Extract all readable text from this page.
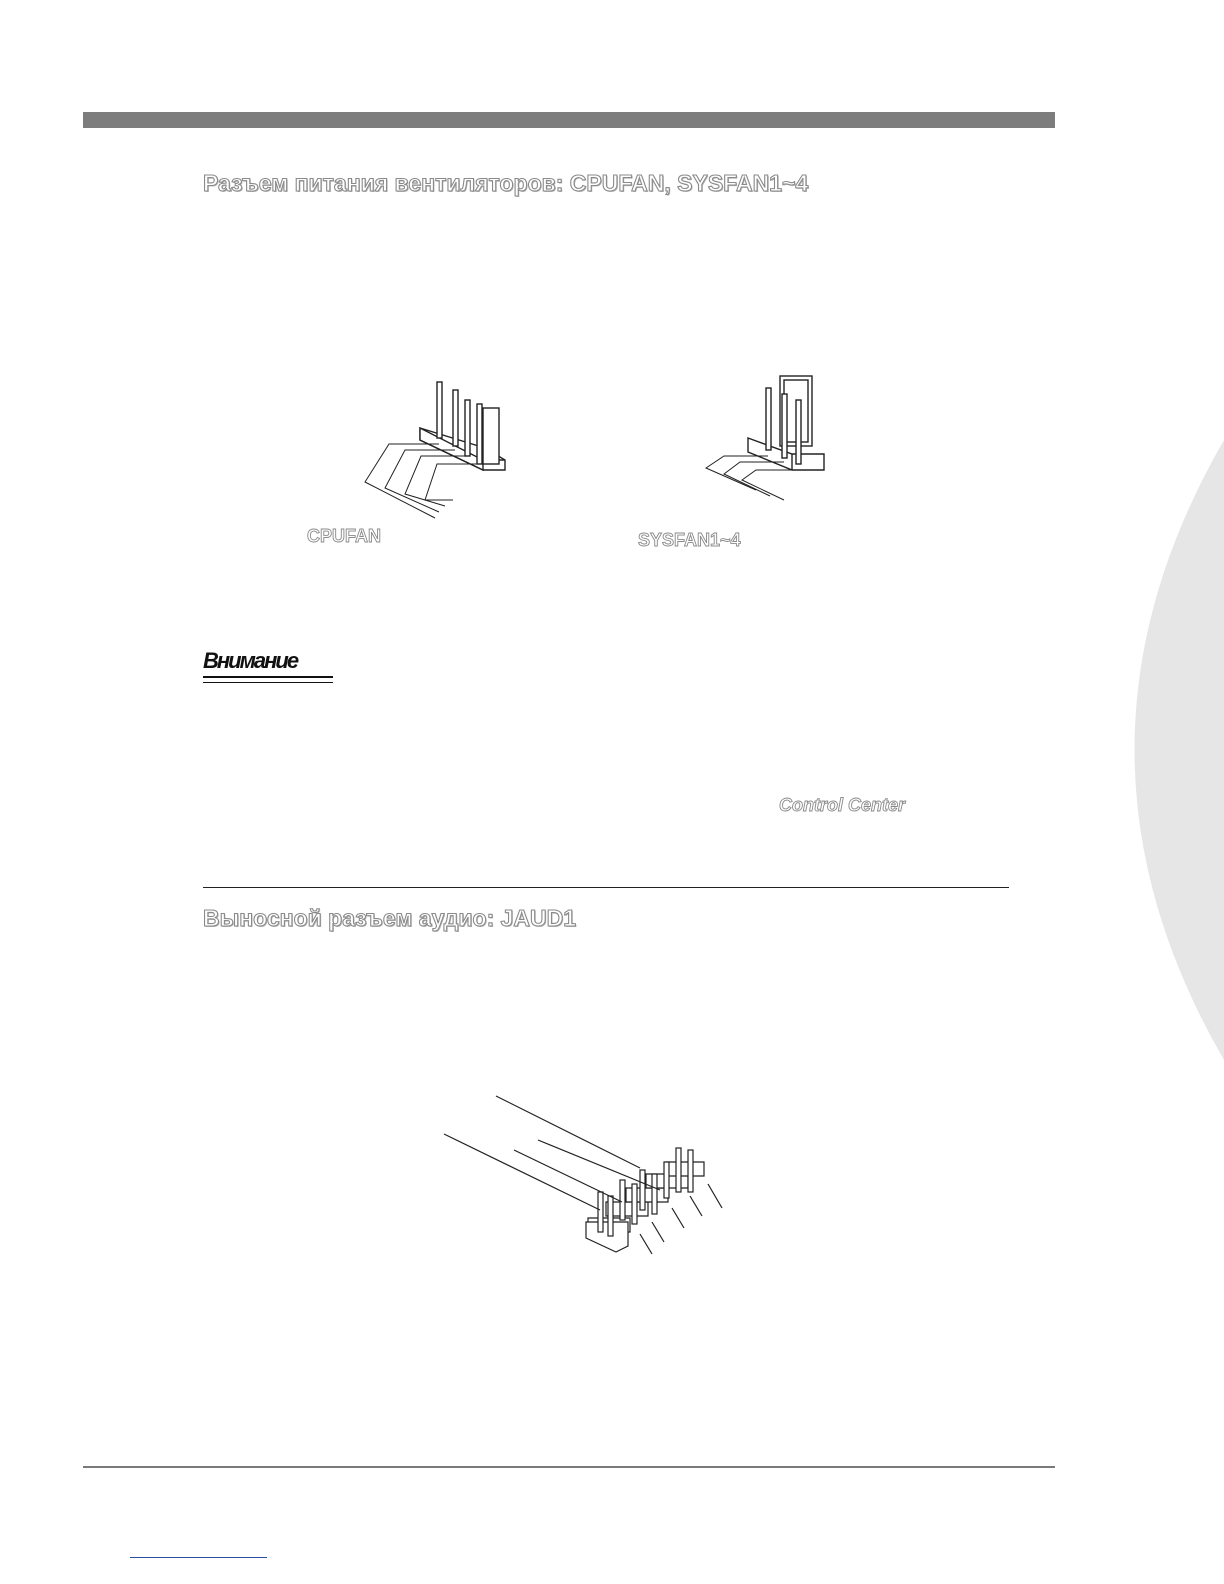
Разъем питания вентиляторов: CPUFAN, SYSFAN1~4
CPUFAN	SYSFAN1~4
Внимание
Control Center
Выносной разъем аудио: JAUD1
